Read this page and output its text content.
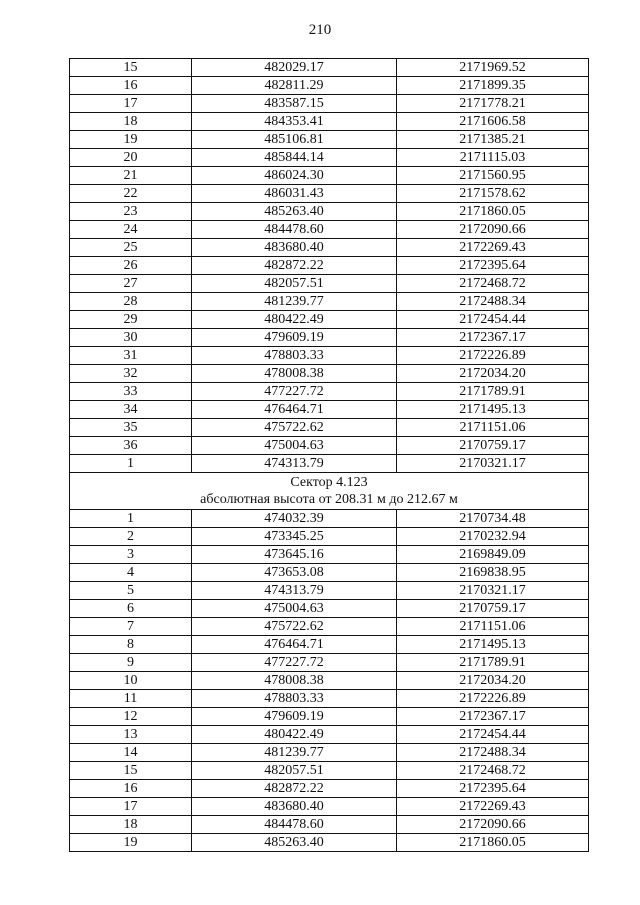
210
15	482029.17	2171969.52
16	482811.29	2171899.35
17	483587.15	2171778.21
18	484353.41	2171606.58
19	485106.81	2171385.21
20	485844.14	2171115.03
21	486024.30	2171560.95
22	486031.43	2171578.62
23	485263.40	2171860.05
24	484478.60	2172090.66
25	483680.40	2172269.43
26	482872.22	2172395.64
27	482057.51	2172468.72
28	481239.77	2172488.34
29	480422.49	2172454.44
30	479609.19	2172367.17
31	478803.33	2172226.89
32	478008.38	2172034.20
33	477227.72	2171789.91
34	476464.71	2171495.13
35	475722.62	2171151.06
36	475004.63	2170759.17
1	474313.79	2170321.17

Сектор 4.123
абсолютная высота от 208.31 м до 212.67 м		

1	474032.39	2170734.48
2	473345.25	2170232.94
3	473645.16	2169849.09
4	473653.08	2169838.95
5	474313.79	2170321.17
6	475004.63	2170759.17
7	475722.62	2171151.06
8	476464.71	2171495.13
9	477227.72	2171789.91
10	478008.38	2172034.20
11	478803.33	2172226.89
12	479609.19	2172367.17
13	480422.49	2172454.44
14	481239.77	2172488.34
15	482057.51	2172468.72
16	482872.22	2172395.64
17	483680.40	2172269.43
18	484478.60	2172090.66
19	485263.40	2171860.05
